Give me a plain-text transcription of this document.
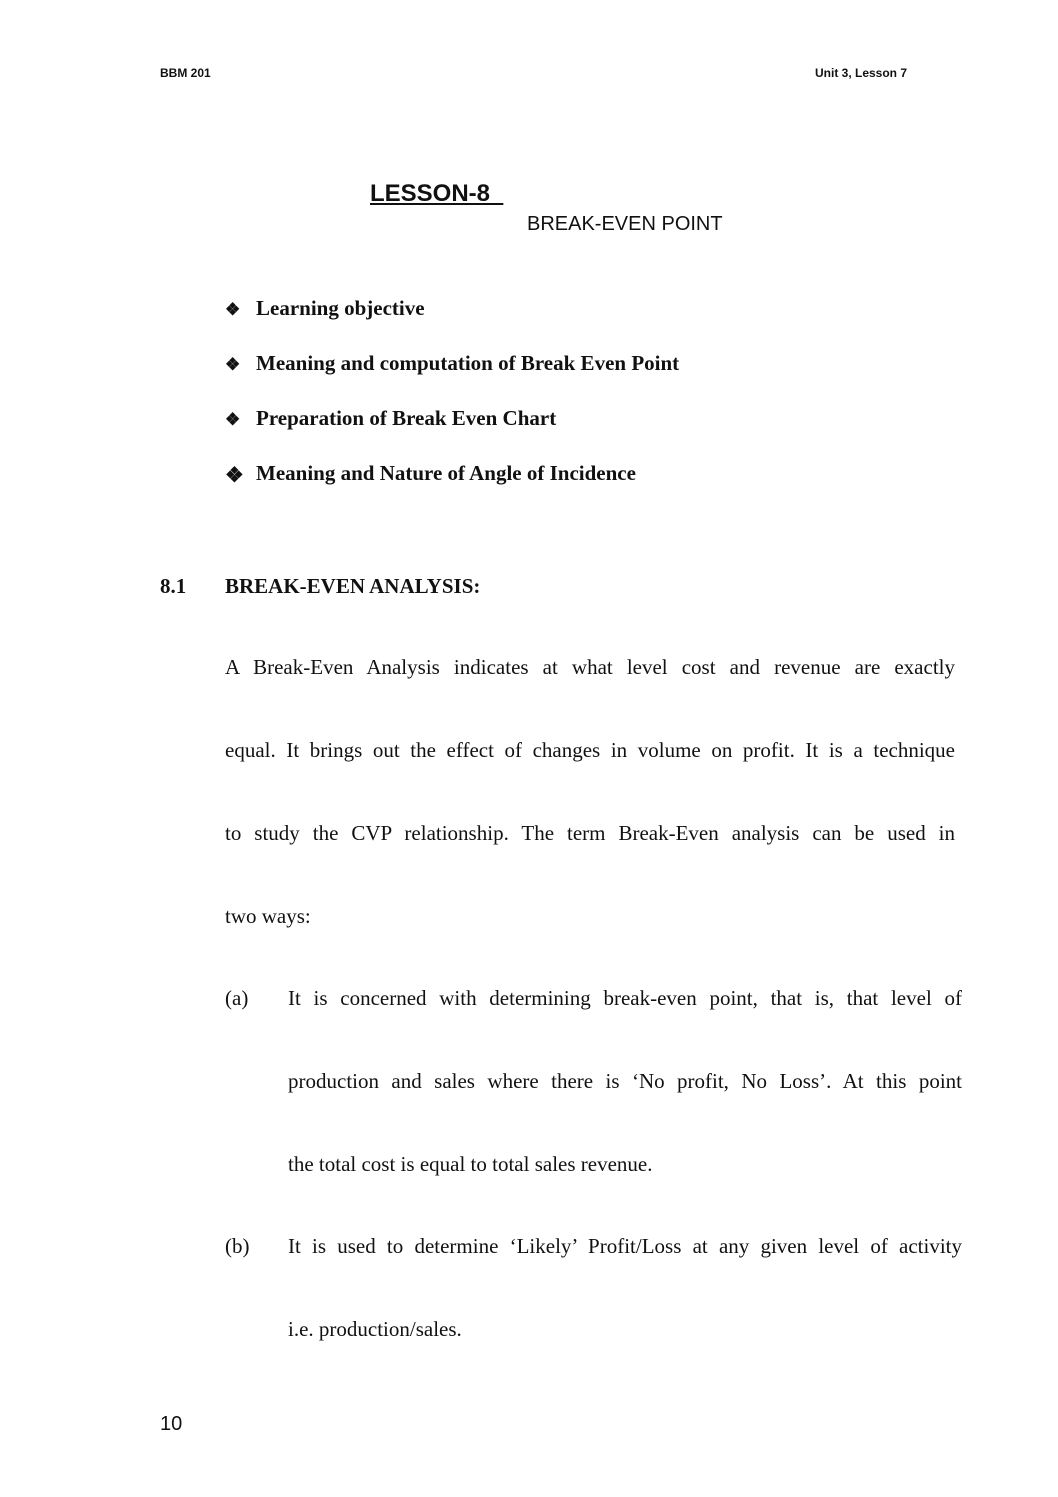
BBM 201	Unit 3, Lesson 7
LESSON-8
BREAK-EVEN POINT
❖ Learning objective
❖ Meaning and computation of Break Even Point
❖ Preparation of Break Even Chart
❖ Meaning and Nature of Angle of Incidence
8.1 BREAK-EVEN ANALYSIS:
A Break-Even Analysis indicates at what level cost and revenue are exactly
equal. It brings out the effect of changes in volume on profit. It is a technique
to study the CVP relationship. The term Break-Even analysis can be used in
two ways:
(a) It is concerned with determining break-even point, that is, that level of
production and sales where there is ‘No profit, No Loss’. At this point
the total cost is equal to total sales revenue.
(b) It is used to determine ‘Likely’ Profit/Loss at any given level of activity
i.e. production/sales.
10
